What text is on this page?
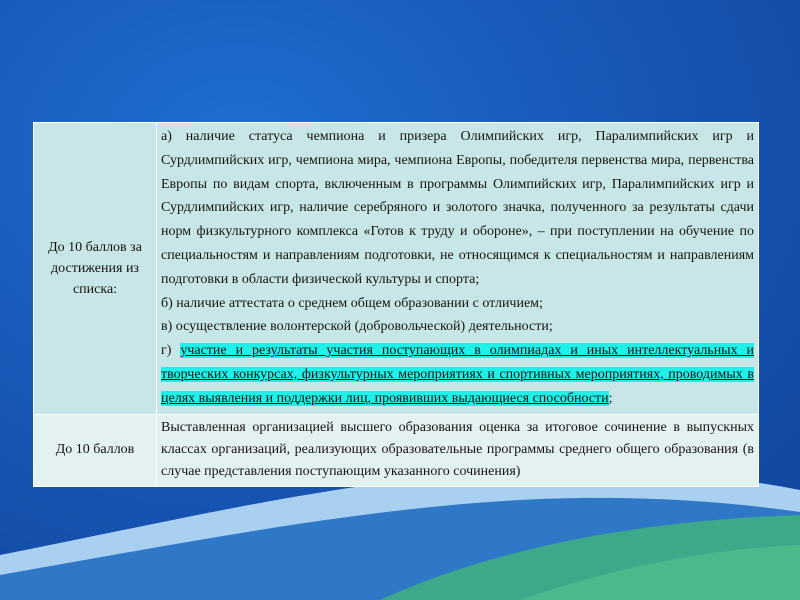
До 10 баллов за достижения из списка:	а) наличие статуса чемпиона и призера Олимпийских игр, Паралимпийских игр и Сурдлимпийских игр, чемпиона мира, чемпиона Европы, победителя первенства мира, первенства Европы по видам спорта, включенным в программы Олимпийских игр, Паралимпийских игр и Сурдлимпийских игр, наличие серебряного и золотого значка, полученного за результаты сдачи норм физкультурного комплекса «Готов к труду и обороне», – при поступлении на обучение по специальностям и направлениям подготовки, не относящимся к специальностям и направлениям подготовки в области физической культуры и спорта;

б) наличие аттестата о среднем общем образовании с отличием;

в) осуществление волонтерской (добровольческой) деятельности;

г) участие и результаты участия поступающих в олимпиадах и иных интеллектуальных и творческих конкурсах, физкультурных мероприятиях и спортивных мероприятиях, проводимых в целях выявления и поддержки лиц, проявивших выдающиеся способности;

До 10 баллов	Выставленная организацией высшего образования оценка за итоговое сочинение в выпускных классах организаций, реализующих образовательные программы среднего общего образования (в случае представления поступающим указанного сочинения)
